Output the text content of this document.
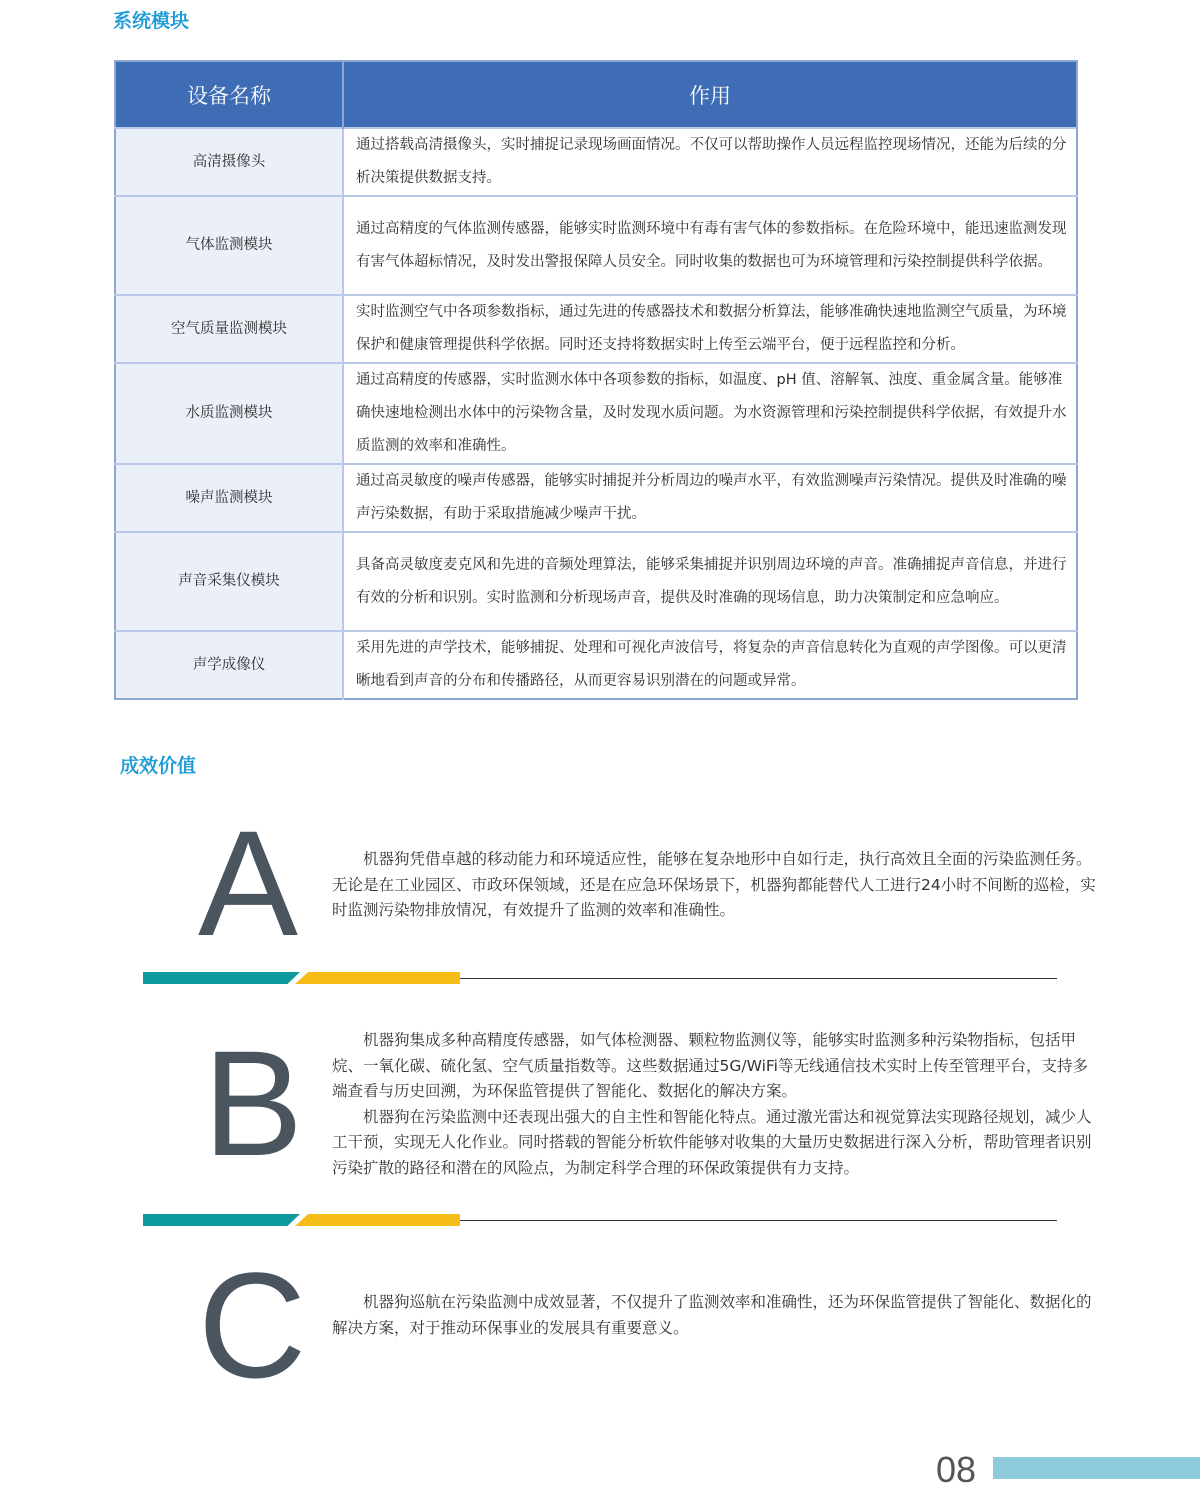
系统模块
设备名称	作用
高清摄像头	通过搭载高清摄像头，实时捕捉记录现场画面情况。不仅可以帮助操作人员远程监控现场情况，还能为后续的分析决策提供数据支持。
气体监测模块	通过高精度的气体监测传感器，能够实时监测环境中有毒有害气体的参数指标。在危险环境中，能迅速监测发现有害气体超标情况，及时发出警报保障人员安全。同时收集的数据也可为环境管理和污染控制提供科学依据。
空气质量监测模块	实时监测空气中各项参数指标，通过先进的传感器技术和数据分析算法，能够准确快速地监测空气质量，为环境保护和健康管理提供科学依据。同时还支持将数据实时上传至云端平台，便于远程监控和分析。
水质监测模块	通过高精度的传感器，实时监测水体中各项参数的指标，如温度、pH 值、溶解氧、浊度、重金属含量。能够准确快速地检测出水体中的污染物含量，及时发现水质问题。为水资源管理和污染控制提供科学依据，有效提升水质监测的效率和准确性。
噪声监测模块	通过高灵敏度的噪声传感器，能够实时捕捉并分析周边的噪声水平，有效监测噪声污染情况。提供及时准确的噪声污染数据，有助于采取措施减少噪声干扰。
声音采集仪模块	具备高灵敏度麦克风和先进的音频处理算法，能够采集捕捉并识别周边环境的声音。准确捕捉声音信息，并进行有效的分析和识别。实时监测和分析现场声音，提供及时准确的现场信息，助力决策制定和应急响应。
声学成像仪	采用先进的声学技术，能够捕捉、处理和可视化声波信号，将复杂的声音信息转化为直观的声学图像。可以更清晰地看到声音的分布和传播路径，从而更容易识别潜在的问题或异常。
成效价值
A	机器狗凭借卓越的移动能力和环境适应性，能够在复杂地形中自如行走，执行高效且全面的污染监测任务。无论是在工业园区、市政环保领域，还是在应急环保场景下，机器狗都能替代人工进行24小时不间断的巡检，实时监测污染物排放情况，有效提升了监测的效率和准确性。

B	机器狗集成多种高精度传感器，如气体检测器、颗粒物监测仪等，能够实时监测多种污染物指标，包括甲烷、一氧化碳、硫化氢、空气质量指数等。这些数据通过5G/WiFi等无线通信技术实时上传至管理平台，支持多端查看与历史回溯，为环保监管提供了智能化、数据化的解决方案。

机器狗在污染监测中还表现出强大的自主性和智能化特点。通过激光雷达和视觉算法实现路径规划，减少人工干预，实现无人化作业。同时搭载的智能分析软件能够对收集的大量历史数据进行深入分析，帮助管理者识别污染扩散的路径和潜在的风险点，为制定科学合理的环保政策提供有力支持。

C	机器狗巡航在污染监测中成效显著，不仅提升了监测效率和准确性，还为环保监管提供了智能化、数据化的解决方案，对于推动环保事业的发展具有重要意义。

08
